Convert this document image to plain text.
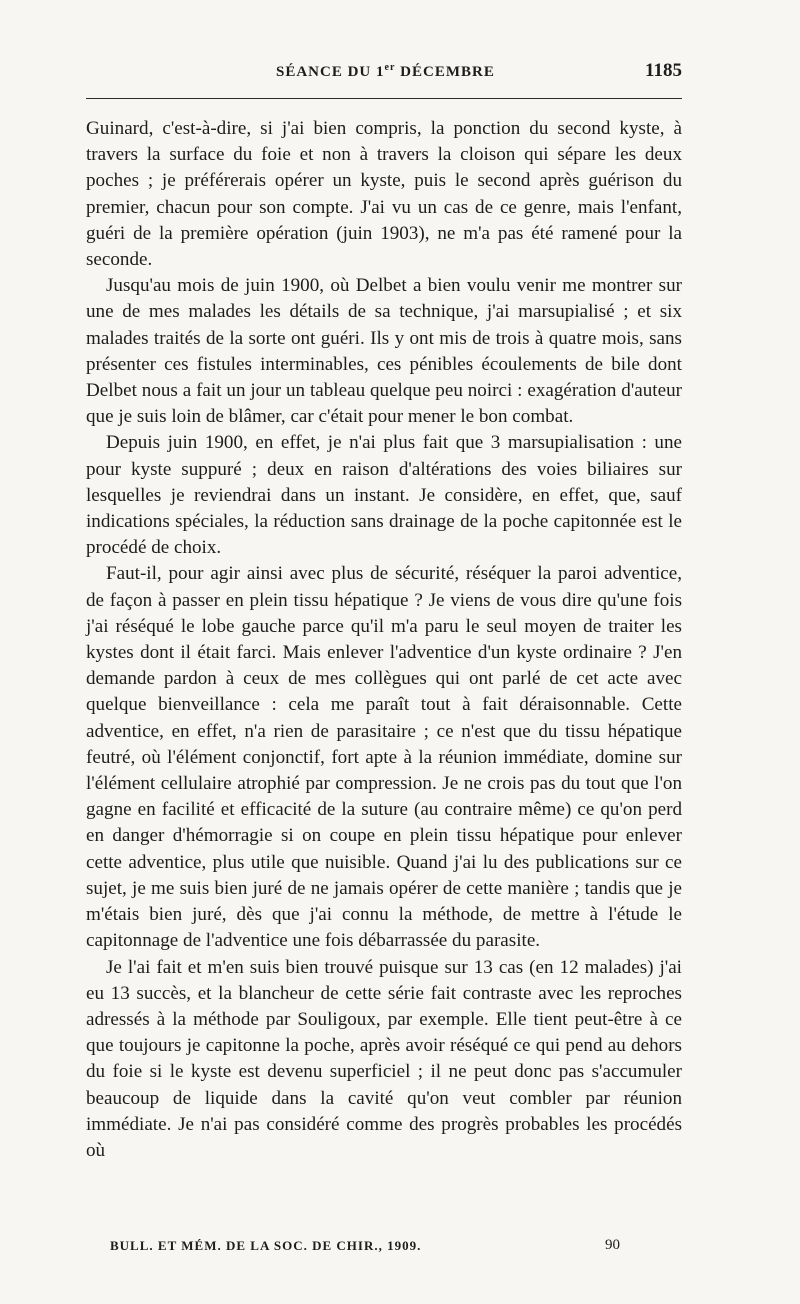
SÉANCE DU 1er DÉCEMBRE	1185

Guinard, c'est-à-dire, si j'ai bien compris, la ponction du second kyste, à travers la surface du foie et non à travers la cloison qui sépare les deux poches ; je préférerais opérer un kyste, puis le second après guérison du premier, chacun pour son compte. J'ai vu un cas de ce genre, mais l'enfant, guéri de la première opération (juin 1903), ne m'a pas été ramené pour la seconde.

Jusqu'au mois de juin 1900, où Delbet a bien voulu venir me montrer sur une de mes malades les détails de sa technique, j'ai marsupialisé ; et six malades traités de la sorte ont guéri. Ils y ont mis de trois à quatre mois, sans présenter ces fistules interminables, ces pénibles écoulements de bile dont Delbet nous a fait un jour un tableau quelque peu noirci : exagération d'auteur que je suis loin de blâmer, car c'était pour mener le bon combat.

Depuis juin 1900, en effet, je n'ai plus fait que 3 marsupialisation : une pour kyste suppuré ; deux en raison d'altérations des voies biliaires sur lesquelles je reviendrai dans un instant. Je considère, en effet, que, sauf indications spéciales, la réduction sans drainage de la poche capitonnée est le procédé de choix.

Faut-il, pour agir ainsi avec plus de sécurité, réséquer la paroi adventice, de façon à passer en plein tissu hépatique ? Je viens de vous dire qu'une fois j'ai réséqué le lobe gauche parce qu'il m'a paru le seul moyen de traiter les kystes dont il était farci. Mais enlever l'adventice d'un kyste ordinaire ? J'en demande pardon à ceux de mes collègues qui ont parlé de cet acte avec quelque bienveillance : cela me paraît tout à fait déraisonnable. Cette adventice, en effet, n'a rien de parasitaire ; ce n'est que du tissu hépatique feutré, où l'élément conjonctif, fort apte à la réunion immédiate, domine sur l'élément cellulaire atrophié par compression. Je ne crois pas du tout que l'on gagne en facilité et efficacité de la suture (au contraire même) ce qu'on perd en danger d'hémorragie si on coupe en plein tissu hépatique pour enlever cette adventice, plus utile que nuisible. Quand j'ai lu des publications sur ce sujet, je me suis bien juré de ne jamais opérer de cette manière ; tandis que je m'étais bien juré, dès que j'ai connu la méthode, de mettre à l'étude le capitonnage de l'adventice une fois débarrassée du parasite.

Je l'ai fait et m'en suis bien trouvé puisque sur 13 cas (en 12 malades) j'ai eu 13 succès, et la blancheur de cette série fait contraste avec les reproches adressés à la méthode par Souligoux, par exemple. Elle tient peut-être à ce que toujours je capitonne la poche, après avoir réséqué ce qui pend au dehors du foie si le kyste est devenu superficiel ; il ne peut donc pas s'accumuler beaucoup de liquide dans la cavité qu'on veut combler par réunion immédiate. Je n'ai pas considéré comme des progrès probables les procédés où

BULL. ET MÉM. DE LA SOC. DE CHIR., 1909.	90
